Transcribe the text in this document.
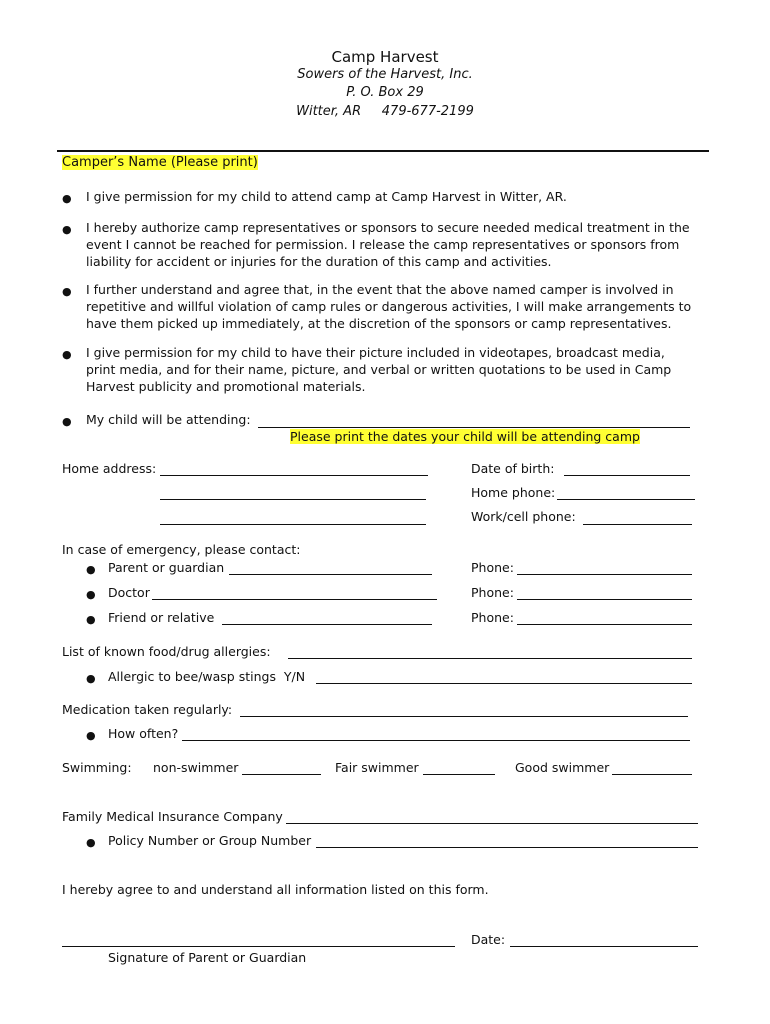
Camp Harvest
Sowers of the Harvest, Inc.
P. O. Box 29
Witter, AR     479-677-2199
Camper’s Name (Please print)
● I give permission for my child to attend camp at Camp Harvest in Witter, AR.
● I hereby authorize camp representatives or sponsors to secure needed medical treatment in the event I cannot be reached for permission. I release the camp representatives or sponsors from liability for accident or injuries for the duration of this camp and activities.
● I further understand and agree that, in the event that the above named camper is involved in repetitive and willful violation of camp rules or dangerous activities, I will make arrangements to have them picked up immediately, at the discretion of the sponsors or camp representatives.
● I give permission for my child to have their picture included in videotapes, broadcast media, print media, and for their name, picture, and verbal or written quotations to be used in Camp Harvest publicity and promotional materials.
● My child will be attending:
Please print the dates your child will be attending camp
Home address:	Date of birth:
Home phone:
Work/cell phone:
In case of emergency, please contact:
● Parent or guardian	Phone:
● Doctor	Phone:
● Friend or relative	Phone:
List of known food/drug allergies:
● Allergic to bee/wasp stings  Y/N
Medication taken regularly:
● How often?
Swimming: non-swimmer	Fair swimmer	Good swimmer
Family Medical Insurance Company
● Policy Number or Group Number
I hereby agree to and understand all information listed on this form.
Date:
Signature of Parent or Guardian
